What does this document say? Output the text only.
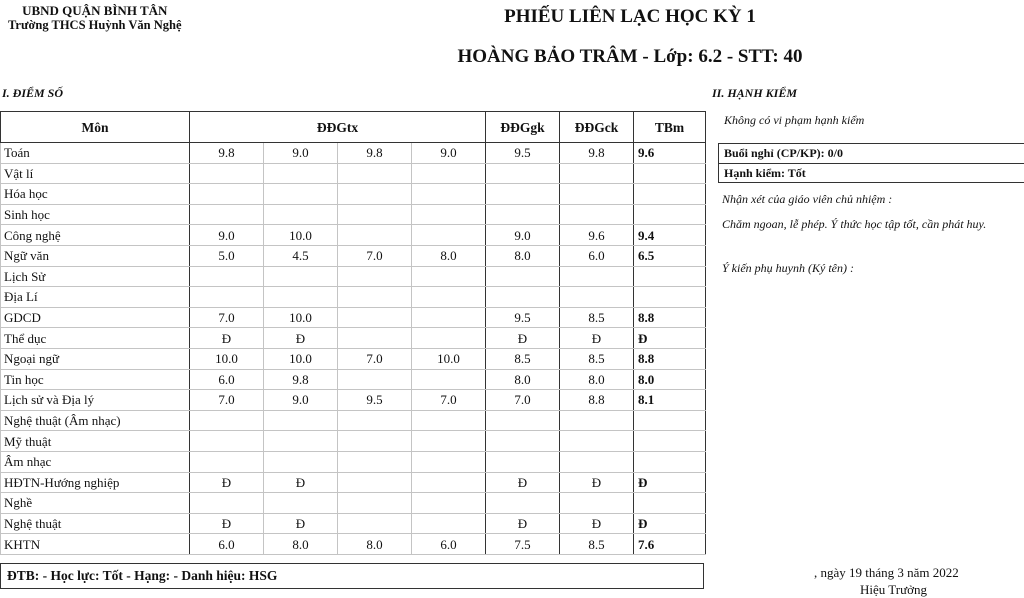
UBND QUẬN BÌNH TÂN
Trường THCS Huỳnh Văn Nghệ	PHIẾU LIÊN LẠC HỌC KỲ 1
HOÀNG BẢO TRÂM - Lớp: 6.2 - STT: 40
I. ĐIỂM SỐ	II. HẠNH KIỂM
Môn	ĐĐGtx				ĐĐGgk	ĐĐGck	TBm
Toán	9.8	9.0	9.8	9.0	9.5	9.8	9.6
Vật lí							
Hóa học							
Sinh học							
Công nghệ	9.0	10.0			9.0	9.6	9.4
Ngữ văn	5.0	4.5	7.0	8.0	8.0	6.0	6.5
Lịch Sử							
Địa Lí							
GDCD	7.0	10.0			9.5	8.5	8.8
Thể dục	Đ	Đ			Đ	Đ	Đ
Ngoại ngữ	10.0	10.0	7.0	10.0	8.5	8.5	8.8
Tin học	6.0	9.8			8.0	8.0	8.0
Lịch sử và Địa lý	7.0	9.0	9.5	7.0	7.0	8.8	8.1
Nghệ thuật (Âm nhạc)							
Mỹ thuật							
Âm nhạc							
HĐTN-Hướng nghiệp	Đ	Đ			Đ	Đ	Đ
Nghề							
Nghệ thuật	Đ	Đ			Đ	Đ	Đ
KHTN	6.0	8.0	8.0	6.0	7.5	8.5	7.6
ĐTB: - Học lực: Tốt - Hạng: - Danh hiệu: HSG
Không có vi phạm hạnh kiểm
Buổi nghỉ (CP/KP): 0/0
Hạnh kiểm: Tốt
Nhận xét của giáo viên chủ nhiệm :
Chăm ngoan, lễ phép. Ý thức học tập tốt, cần phát huy.
Ý kiến phụ huynh (Ký tên) :
, ngày 19 tháng 3 năm 2022
Hiệu Trưởng
